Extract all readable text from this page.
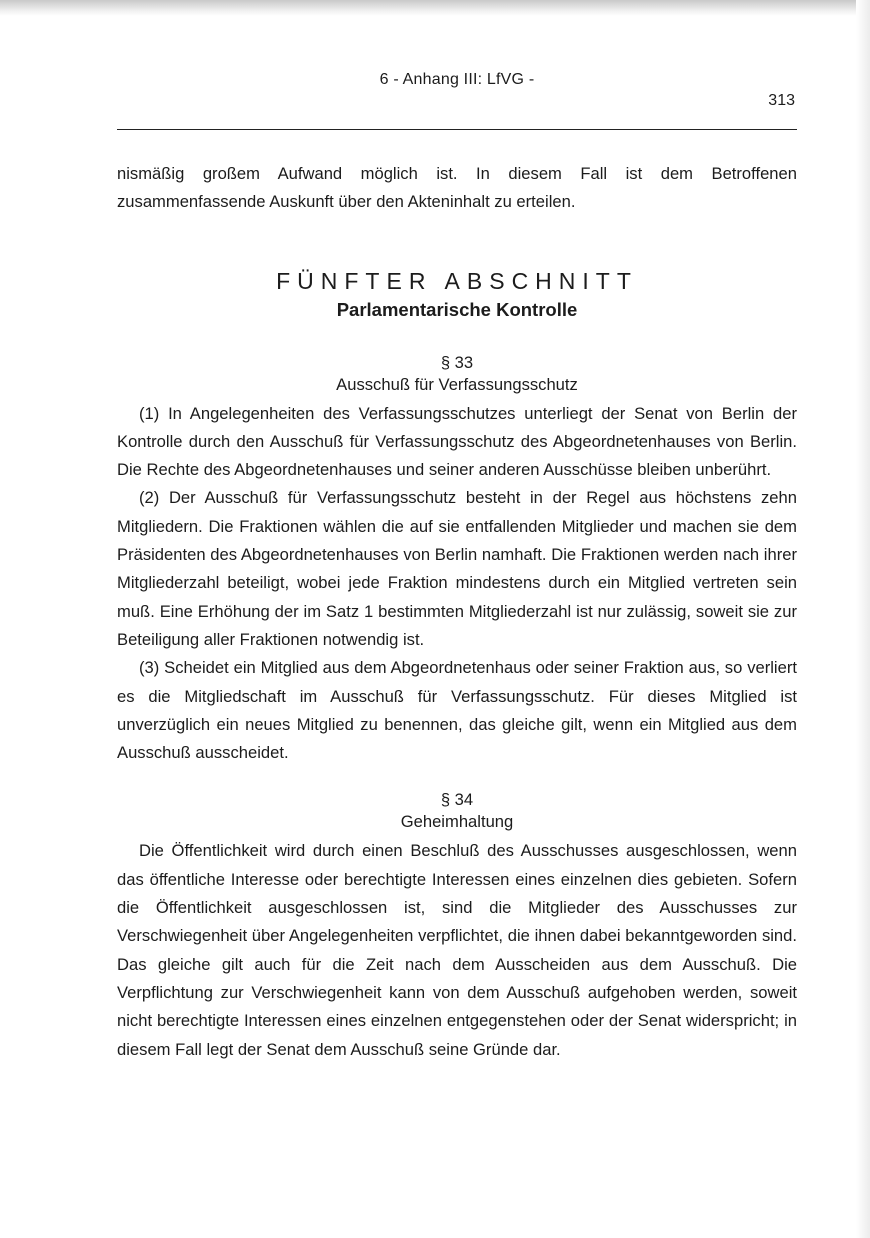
6 - Anhang III: LfVG -
313

nismäßig großem Aufwand möglich ist. In diesem Fall ist dem Betroffenen zusammenfassende Auskunft über den Akteninhalt zu erteilen.

FÜNFTER ABSCHNITT
Parlamentarische Kontrolle
§ 33
Ausschuß für Verfassungsschutz

(1) In Angelegenheiten des Verfassungsschutzes unterliegt der Senat von Berlin der Kontrolle durch den Ausschuß für Verfassungsschutz des Abgeordnetenhauses von Berlin. Die Rechte des Abgeordnetenhauses und seiner anderen Ausschüsse bleiben unberührt.

(2) Der Ausschuß für Verfassungsschutz besteht in der Regel aus höchstens zehn Mitgliedern. Die Fraktionen wählen die auf sie entfallenden Mitglieder und machen sie dem Präsidenten des Abgeordnetenhauses von Berlin namhaft. Die Fraktionen werden nach ihrer Mitgliederzahl beteiligt, wobei jede Fraktion mindestens durch ein Mitglied vertreten sein muß. Eine Erhöhung der im Satz 1 bestimmten Mitgliederzahl ist nur zulässig, soweit sie zur Beteiligung aller Fraktionen notwendig ist.

(3) Scheidet ein Mitglied aus dem Abgeordnetenhaus oder seiner Fraktion aus, so verliert es die Mitgliedschaft im Ausschuß für Verfassungsschutz. Für dieses Mitglied ist unverzüglich ein neues Mitglied zu benennen, das gleiche gilt, wenn ein Mitglied aus dem Ausschuß ausscheidet.

§ 34
Geheimhaltung

Die Öffentlichkeit wird durch einen Beschluß des Ausschusses ausgeschlossen, wenn das öffentliche Interesse oder berechtigte Interessen eines einzelnen dies gebieten. Sofern die Öffentlichkeit ausgeschlossen ist, sind die Mitglieder des Ausschusses zur Verschwiegenheit über Angelegenheiten verpflichtet, die ihnen dabei bekanntgeworden sind. Das gleiche gilt auch für die Zeit nach dem Ausscheiden aus dem Ausschuß. Die Verpflichtung zur Verschwiegenheit kann von dem Ausschuß aufgehoben werden, soweit nicht berechtigte Interessen eines einzelnen entgegenstehen oder der Senat widerspricht; in diesem Fall legt der Senat dem Ausschuß seine Gründe dar.
